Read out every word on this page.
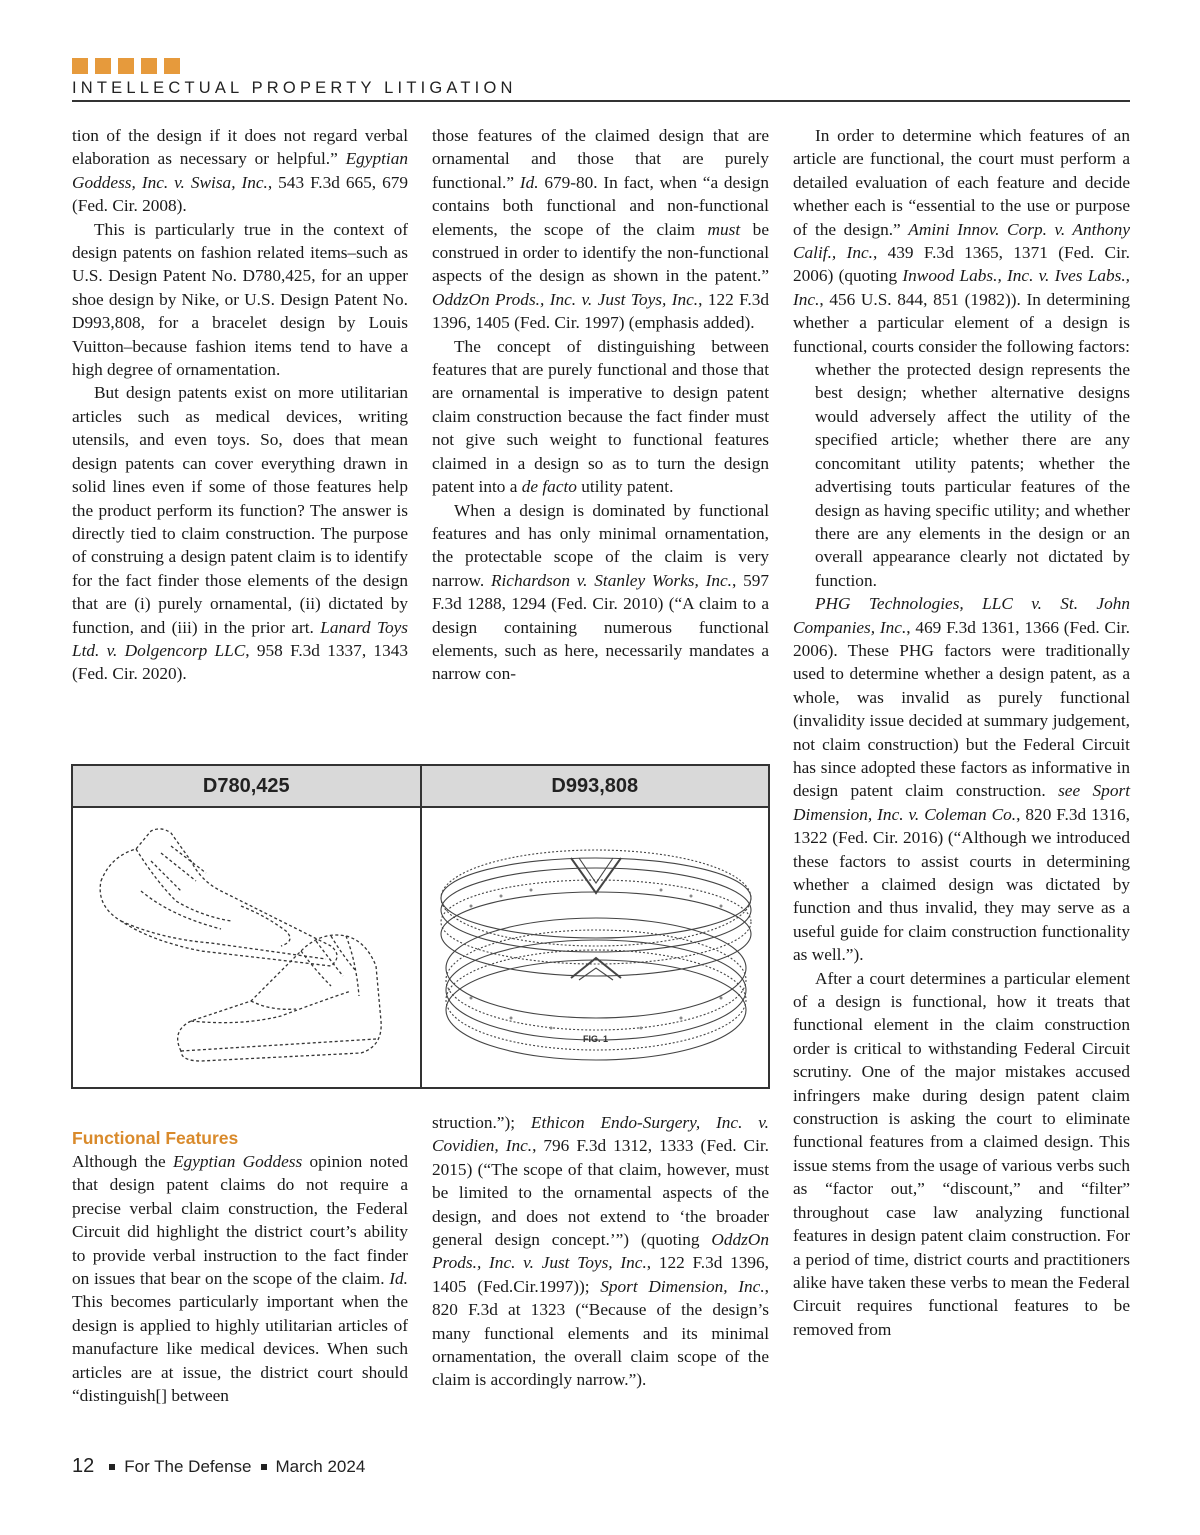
INTELLECTUAL PROPERTY LITIGATION

tion of the design if it does not regard verbal elaboration as necessary or helpful.” Egyptian Goddess, Inc. v. Swisa, Inc., 543 F.3d 665, 679 (Fed. Cir. 2008).

This is particularly true in the context of design patents on fashion related items–such as U.S. Design Patent No. D780,425, for an upper shoe design by Nike, or U.S. Design Patent No. D993,808, for a bracelet design by Louis Vuitton–because fashion items tend to have a high degree of ornamentation.

But design patents exist on more utilitarian articles such as medical devices, writing utensils, and even toys. So, does that mean design patents can cover everything drawn in solid lines even if some of those features help the product perform its function? The answer is directly tied to claim construction. The purpose of construing a design patent claim is to identify for the fact finder those elements of the design that are (i) purely ornamental, (ii) dictated by function, and (iii) in the prior art. Lanard Toys Ltd. v. Dolgencorp LLC, 958 F.3d 1337, 1343 (Fed. Cir. 2020).

those features of the claimed design that are ornamental and those that are purely functional.” Id. 679-80. In fact, when “a design contains both functional and non-functional elements, the scope of the claim must be construed in order to identify the non-functional aspects of the design as shown in the patent.” OddzOn Prods., Inc. v. Just Toys, Inc., 122 F.3d 1396, 1405 (Fed. Cir. 1997) (emphasis added).

The concept of distinguishing between features that are purely functional and those that are ornamental is imperative to design patent claim construction because the fact finder must not give such weight to functional features claimed in a design so as to turn the design patent into a de facto utility patent.

When a design is dominated by functional features and has only minimal ornamentation, the protectable scope of the claim is very narrow. Richardson v. Stanley Works, Inc., 597 F.3d 1288, 1294 (Fed. Cir. 2010) (“A claim to a design containing numerous functional elements, such as here, necessarily mandates a narrow con-

In order to determine which features of an article are functional, the court must perform a detailed evaluation of each feature and decide whether each is “essential to the use or purpose of the design.” Amini Innov. Corp. v. Anthony Calif., Inc., 439 F.3d 1365, 1371 (Fed. Cir. 2006) (quoting Inwood Labs., Inc. v. Ives Labs., Inc., 456 U.S. 844, 851 (1982)). In determining whether a particular element of a design is functional, courts consider the following factors:

whether the protected design represents the best design; whether alternative designs would adversely affect the utility of the specified article; whether there are any concomitant utility patents; whether the advertising touts particular features of the design as having specific utility; and whether there are any elements in the design or an overall appearance clearly not dictated by function.

PHG Technologies, LLC v. St. John Companies, Inc., 469 F.3d 1361, 1366 (Fed. Cir. 2006). These PHG factors were traditionally used to determine whether a design patent, as a whole, was invalid as purely functional (invalidity issue decided at summary judgement, not claim construction) but the Federal Circuit has since adopted these factors as informative in design patent claim construction. see Sport Dimension, Inc. v. Coleman Co., 820 F.3d 1316, 1322 (Fed. Cir. 2016) (“Although we introduced these factors to assist courts in determining whether a claimed design was dictated by function and thus invalid, they may serve as a useful guide for claim construction functionality as well.”).

After a court determines a particular element of a design is functional, how it treats that functional element in the claim construction order is critical to withstanding Federal Circuit scrutiny. One of the major mistakes accused infringers make during design patent claim construction is asking the court to eliminate functional features from a claimed design. This issue stems from the usage of various verbs such as “factor out,” “discount,” and “filter” throughout case law analyzing functional features in design patent claim construction. For a period of time, district courts and practitioners alike have taken these verbs to mean the Federal Circuit requires functional features to be removed from

D780,425	D993,808
FIG. 1
Functional Features

Although the Egyptian Goddess opinion noted that design patent claims do not require a precise verbal claim construction, the Federal Circuit did highlight the district court’s ability to provide verbal instruction to the fact finder on issues that bear on the scope of the claim. Id. This becomes particularly important when the design is applied to highly utilitarian articles of manufacture like medical devices. When such articles are at issue, the district court should “distinguish[] between

struction.”); Ethicon Endo-Surgery, Inc. v. Covidien, Inc., 796 F.3d 1312, 1333 (Fed. Cir. 2015) (“The scope of that claim, however, must be limited to the ornamental aspects of the design, and does not extend to ‘the broader general design concept.’”) (quoting OddzOn Prods., Inc. v. Just Toys, Inc., 122 F.3d 1396, 1405 (Fed.Cir.1997)); Sport Dimension, Inc., 820 F.3d at 1323 (“Because of the design’s many functional elements and its minimal ornamentation, the overall claim scope of the claim is accordingly narrow.”).

12 For The Defense March 2024
